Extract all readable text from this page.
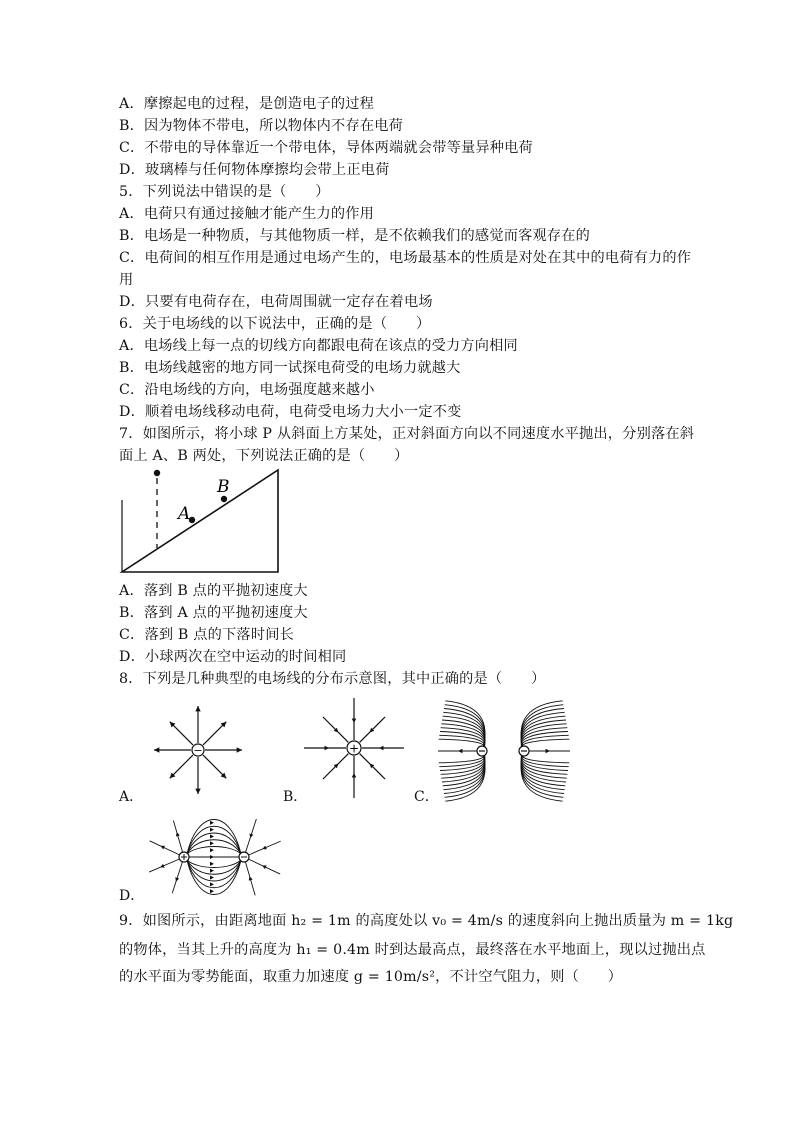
A．摩擦起电的过程，是创造电子的过程
B．因为物体不带电，所以物体内不存在电荷
C．不带电的导体靠近一个带电体，导体两端就会带等量异种电荷
D．玻璃棒与任何物体摩擦均会带上正电荷
5．下列说法中错误的是（　　）
A．电荷只有通过接触才能产生力的作用
B．电场是一种物质，与其他物质一样，是不依赖我们的感觉而客观存在的
C．电荷间的相互作用是通过电场产生的，电场最基本的性质是对处在其中的电荷有力的作
用
D．只要有电荷存在，电荷周围就一定存在着电场
6．关于电场线的以下说法中，正确的是（　　）
A．电场线上每一点的切线方向都跟电荷在该点的受力方向相同
B．电场线越密的地方同一试探电荷受的电场力就越大
C．沿电场线的方向，电场强度越来越小
D．顺着电场线移动电荷，电荷受电场力大小一定不变
7．如图所示，将小球 P 从斜面上方某处，正对斜面方向以不同速度水平抛出，分别落在斜
面上 A、B 两处，下列说法正确的是（　　）
A
B
A．落到 B 点的平抛初速度大
B．落到 A 点的平抛初速度大
C．落到 B 点的下落时间长
D．小球两次在空中运动的时间相同
8．下列是几种典型的电场线的分布示意图，其中正确的是（　　）
−
A．
+
B．	C．
D．
9．如图所示，由距离地面 h₂ = 1m 的高度处以 v₀ = 4m/s 的速度斜向上抛出质量为 m = 1kg
的物体，当其上升的高度为 h₁ = 0.4m 时到达最高点，最终落在水平地面上，现以过抛出点
的水平面为零势能面，取重力加速度 g = 10m/s²，不计空气阻力，则（　　）
